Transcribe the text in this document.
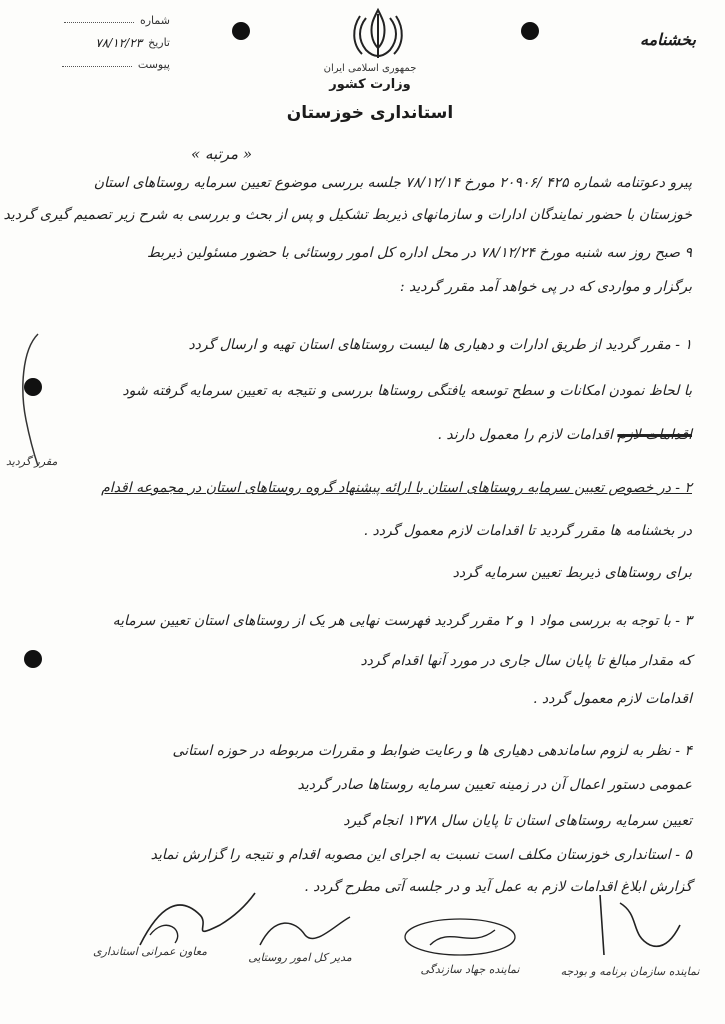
شماره
تاریخ
۷۸/۱۲/۲۳
پیوست	جمهوری اسلامی ایران
وزارت کشور
استانداری خوزستان
بخشنامه
« مرتبه »
پیرو دعوتنامه شماره ۴۲۵ /۲۰۹۰۶ مورخ ۷۸/۱۲/۱۴ جلسه بررسی موضوع تعیین سرمایه روستاهای استان
خوزستان با حضور نمایندگان ادارات و سازمانهای ذیربط تشکیل و پس از بحث و بررسی به شرح زیر تصمیم گیری گردید
۹ صبح روز سه شنبه مورخ ۷۸/۱۲/۲۴ در محل اداره کل امور روستائی با حضور مسئولین ذیربط
برگزار و مواردی که در پی خواهد آمد مقرر گردید :
۱ - مقرر گردید از طریق ادارات و دهیاری ها لیست روستاهای استان تهیه و ارسال گردد
با لحاظ نمودن امکانات و سطح توسعه یافتگی روستاها بررسی و نتیجه به تعیین سرمایه گرفته شود
اقدامات لازم اقدامات لازم را معمول دارند .
۲ - در خصوص تعیین سرمایه روستاهای استان با ارائه پیشنهاد گروه روستاهای استان در مجموعه اقدام
در بخشنامه ها مقرر گردید تا اقدامات لازم معمول گردد .
برای روستاهای ذیربط تعیین سرمایه گردد
۳ - با توجه به بررسی مواد ۱ و ۲ مقرر گردید فهرست نهایی هر یک از روستاهای استان تعیین سرمایه
که مقدار مبالغ تا پایان سال جاری در مورد آنها اقدام گردد
اقدامات لازم معمول گردد .
۴ - نظر به لزوم ساماندهی دهیاری ها و رعایت ضوابط و مقررات مربوطه در حوزه استانی
عمومی دستور اعمال آن در زمینه تعیین سرمایه روستاها صادر گردید
تعیین سرمایه روستاهای استان تا پایان سال ۱۳۷۸ انجام گیرد
۵ - استانداری خوزستان مکلف است نسبت به اجرای این مصوبه اقدام و نتیجه را گزارش نماید
گزارش ابلاغ اقدامات لازم به عمل آید و در جلسه آتی مطرح گردد .
مقرر گردید
معاون عمرانی استانداری	مدیر کل امور روستایی
نماینده جهاد سازندگی	نماینده سازمان برنامه و بودجه
